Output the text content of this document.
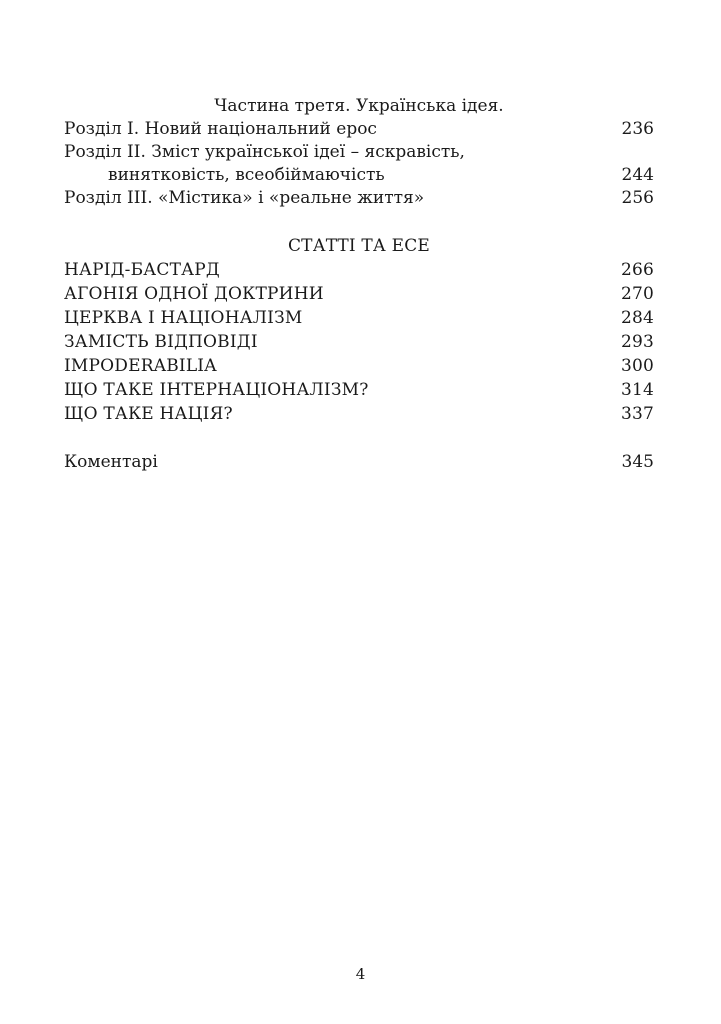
Частина третя. Українська ідея.
Розділ І. Новий національний ерос	236
Розділ ІІ. Зміст української ідеї – яскравість,
винятковість, всеобіймаючість	244
Розділ ІІІ. «Містика» і «реальне життя»	256
СТАТТІ ТА ЕСЕ
НАРІД-БАСТАРД	266
АГОНІЯ ОДНОЇ ДОКТРИНИ	270
ЦЕРКВА І НАЦІОНАЛІЗМ	284
ЗАМІСТЬ ВІДПОВІДІ	293
IMPODERABILIA	300
ЩО ТАКЕ ІНТЕРНАЦІОНАЛІЗМ?	314
ЩО ТАКЕ НАЦІЯ?	337
Коментарі	345
4
